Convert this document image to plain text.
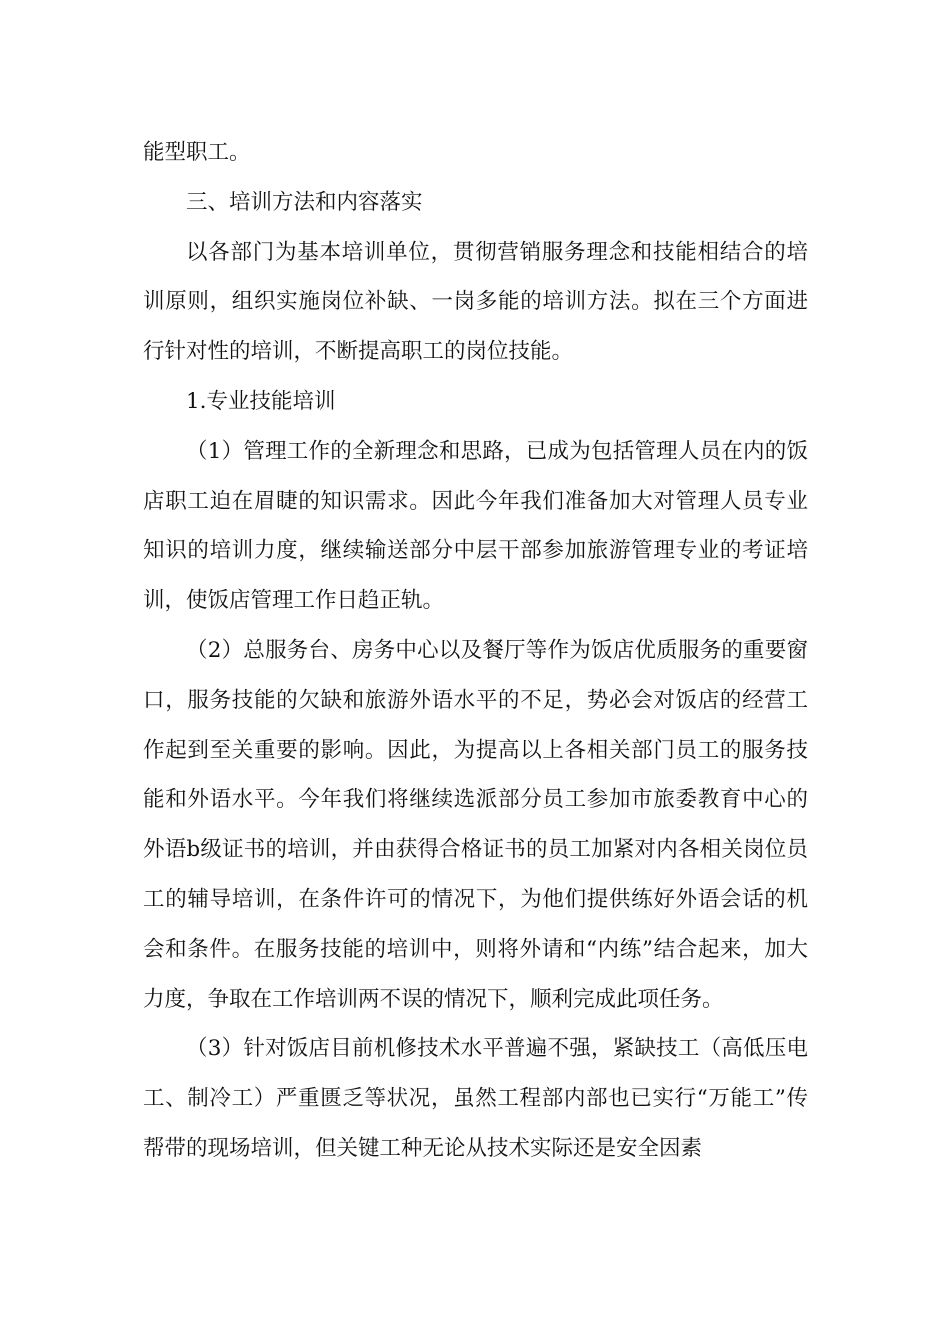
能型职工。

三、培训方法和内容落实

以各部门为基本培训单位，贯彻营销服务理念和技能相结合的培训原则，组织实施岗位补缺、一岗多能的培训方法。拟在三个方面进行针对性的培训，不断提高职工的岗位技能。

1.专业技能培训

（1）管理工作的全新理念和思路，已成为包括管理人员在内的饭店职工迫在眉睫的知识需求。因此今年我们准备加大对管理人员专业知识的培训力度，继续输送部分中层干部参加旅游管理专业的考证培训，使饭店管理工作日趋正轨。

（2）总服务台、房务中心以及餐厅等作为饭店优质服务的重要窗口，服务技能的欠缺和旅游外语水平的不足，势必会对饭店的经营工作起到至关重要的影响。因此，为提高以上各相关部门员工的服务技能和外语水平。今年我们将继续选派部分员工参加市旅委教育中心的外语b级证书的培训，并由获得合格证书的员工加紧对内各相关岗位员工的辅导培训，在条件许可的情况下，为他们提供练好外语会话的机会和条件。在服务技能的培训中，则将外请和“内练”结合起来，加大力度，争取在工作培训两不误的情况下，顺利完成此项任务。

（3）针对饭店目前机修技术水平普遍不强，紧缺技工（高低压电工、制冷工）严重匮乏等状况，虽然工程部内部也已实行“万能工”传帮带的现场培训，但关键工种无论从技术实际还是安全因素
